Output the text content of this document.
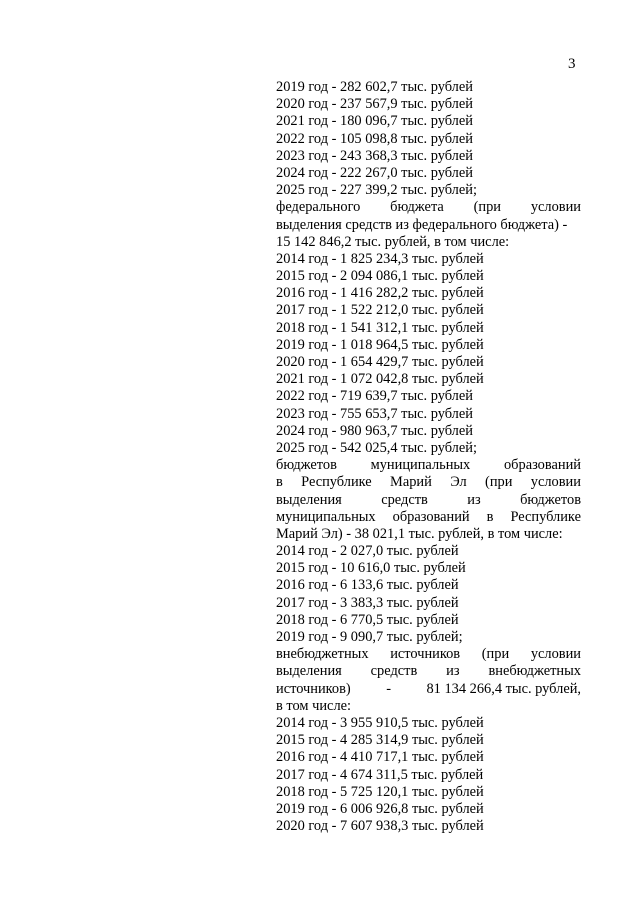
3
2019 год - 282 602,7 тыс. рублей
2020 год - 237 567,9 тыс. рублей
2021 год - 180 096,7 тыс. рублей
2022 год - 105 098,8 тыс. рублей
2023 год - 243 368,3 тыс. рублей
2024 год - 222 267,0 тыс. рублей
2025 год - 227 399,2 тыс. рублей;
федерального бюджета (при условии
выделения средств из федерального бюджета) -
15 142 846,2 тыс. рублей, в том числе:
2014 год - 1 825 234,3 тыс. рублей
2015 год - 2 094 086,1 тыс. рублей
2016 год - 1 416 282,2 тыс. рублей
2017 год - 1 522 212,0 тыс. рублей
2018 год - 1 541 312,1 тыс. рублей
2019 год - 1 018 964,5 тыс. рублей
2020 год - 1 654 429,7 тыс. рублей
2021 год - 1 072 042,8 тыс. рублей
2022 год - 719 639,7 тыс. рублей
2023 год - 755 653,7 тыс. рублей
2024 год - 980 963,7 тыс. рублей
2025 год - 542 025,4 тыс. рублей;
бюджетов муниципальных образований
в Республике Марий Эл (при условии
выделения	средств	из	бюджетов
муниципальных образований в Республике
Марий Эл) - 38 021,1 тыс. рублей, в том числе:
2014 год - 2 027,0 тыс. рублей
2015 год - 10 616,0 тыс. рублей
2016 год - 6 133,6 тыс. рублей
2017 год - 3 383,3 тыс. рублей
2018 год - 6 770,5 тыс. рублей
2019 год - 9 090,7 тыс. рублей;
внебюджетных источников (при условии
выделения средств из внебюджетных
источников) - 81 134 266,4 тыс. рублей,
в том числе:
2014 год - 3 955 910,5 тыс. рублей
2015 год - 4 285 314,9 тыс. рублей
2016 год - 4 410 717,1 тыс. рублей
2017 год - 4 674 311,5 тыс. рублей
2018 год - 5 725 120,1 тыс. рублей
2019 год - 6 006 926,8 тыс. рублей
2020 год - 7 607 938,3 тыс. рублей
